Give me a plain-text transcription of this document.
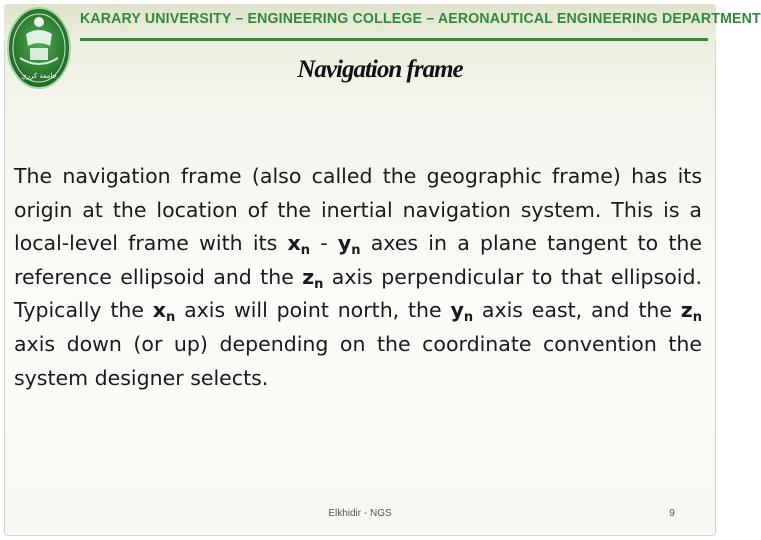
جامعة كرري
KARARY UNIVERSITY – ENGINEERING COLLEGE – AERONAUTICAL ENGINEERING DEPARTMENT
Navigation frame
The navigation frame (also called the geographic frame) has its origin at the location of the inertial navigation system. This is a local-level frame with its $x_n - y_n$ axes in a plane tangent to the reference ellipsoid and the $z_n$ axis perpendicular to that ellipsoid. Typically the $x_n$ axis will point north, the $y_n$ axis east, and the $z_n$ axis down (or up) depending on the coordinate convention the system designer selects.
Elkhidir - NGS	9
